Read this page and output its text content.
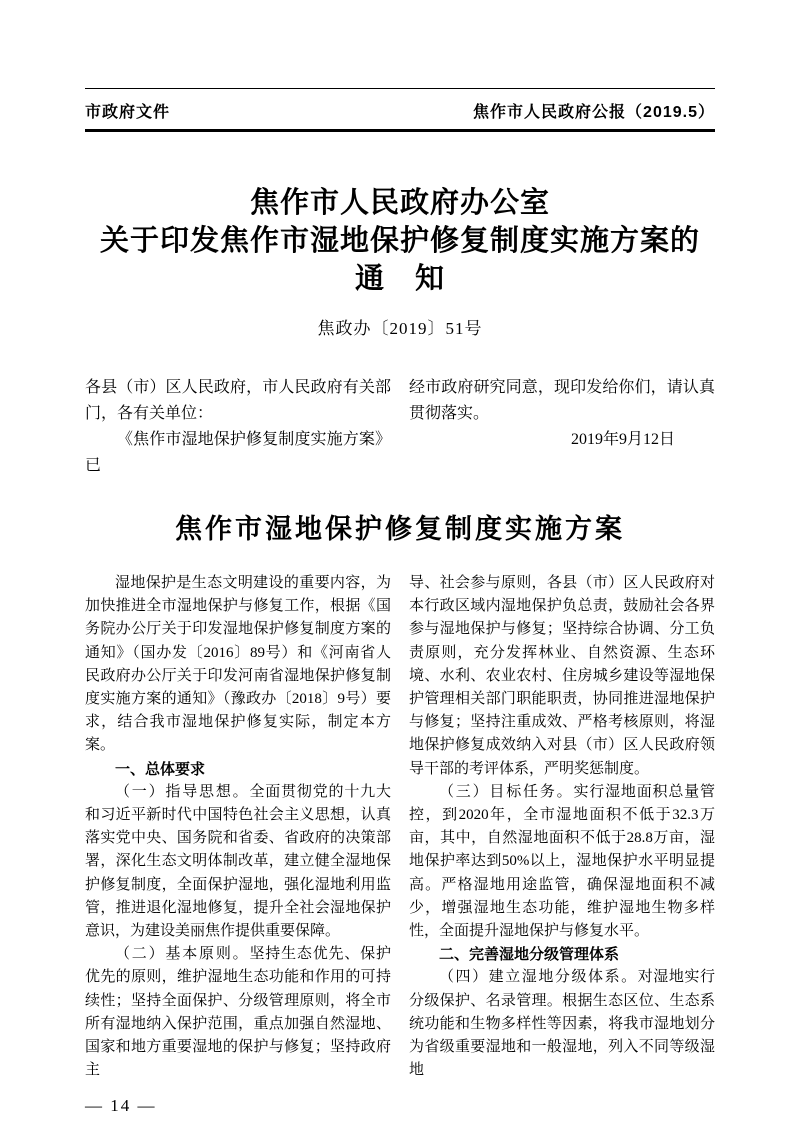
市政府文件	焦作市人民政府公报（2019.5）
焦作市人民政府办公室
关于印发焦作市湿地保护修复制度实施方案的
通　知
焦政办〔2019〕51号

各县（市）区人民政府，市人民政府有关部门，各有关单位：

《焦作市湿地保护修复制度实施方案》已

经市政府研究同意，现印发给你们，请认真贯彻落实。

2019年9月12日

焦作市湿地保护修复制度实施方案

湿地保护是生态文明建设的重要内容，为加快推进全市湿地保护与修复工作，根据《国务院办公厅关于印发湿地保护修复制度方案的通知》（国办发〔2016〕89号）和《河南省人民政府办公厅关于印发河南省湿地保护修复制度实施方案的通知》（豫政办〔2018〕9号）要求，结合我市湿地保护修复实际，制定本方案。

一、总体要求

（一）指导思想。全面贯彻党的十九大和习近平新时代中国特色社会主义思想，认真落实党中央、国务院和省委、省政府的决策部署，深化生态文明体制改革，建立健全湿地保护修复制度，全面保护湿地，强化湿地利用监管，推进退化湿地修复，提升全社会湿地保护意识，为建设美丽焦作提供重要保障。

（二）基本原则。坚持生态优先、保护优先的原则，维护湿地生态功能和作用的可持续性；坚持全面保护、分级管理原则，将全市所有湿地纳入保护范围，重点加强自然湿地、国家和地方重要湿地的保护与修复；坚持政府主

导、社会参与原则，各县（市）区人民政府对本行政区域内湿地保护负总责，鼓励社会各界参与湿地保护与修复；坚持综合协调、分工负责原则，充分发挥林业、自然资源、生态环境、水利、农业农村、住房城乡建设等湿地保护管理相关部门职能职责，协同推进湿地保护与修复；坚持注重成效、严格考核原则，将湿地保护修复成效纳入对县（市）区人民政府领导干部的考评体系，严明奖惩制度。

（三）目标任务。实行湿地面积总量管控，到2020年，全市湿地面积不低于32.3万亩，其中，自然湿地面积不低于28.8万亩，湿地保护率达到50%以上，湿地保护水平明显提高。严格湿地用途监管，确保湿地面积不减少，增强湿地生态功能，维护湿地生物多样性，全面提升湿地保护与修复水平。

二、完善湿地分级管理体系

（四）建立湿地分级体系。对湿地实行分级保护、名录管理。根据生态区位、生态系统功能和生物多样性等因素，将我市湿地划分为省级重要湿地和一般湿地，列入不同等级湿地

— 14 —
